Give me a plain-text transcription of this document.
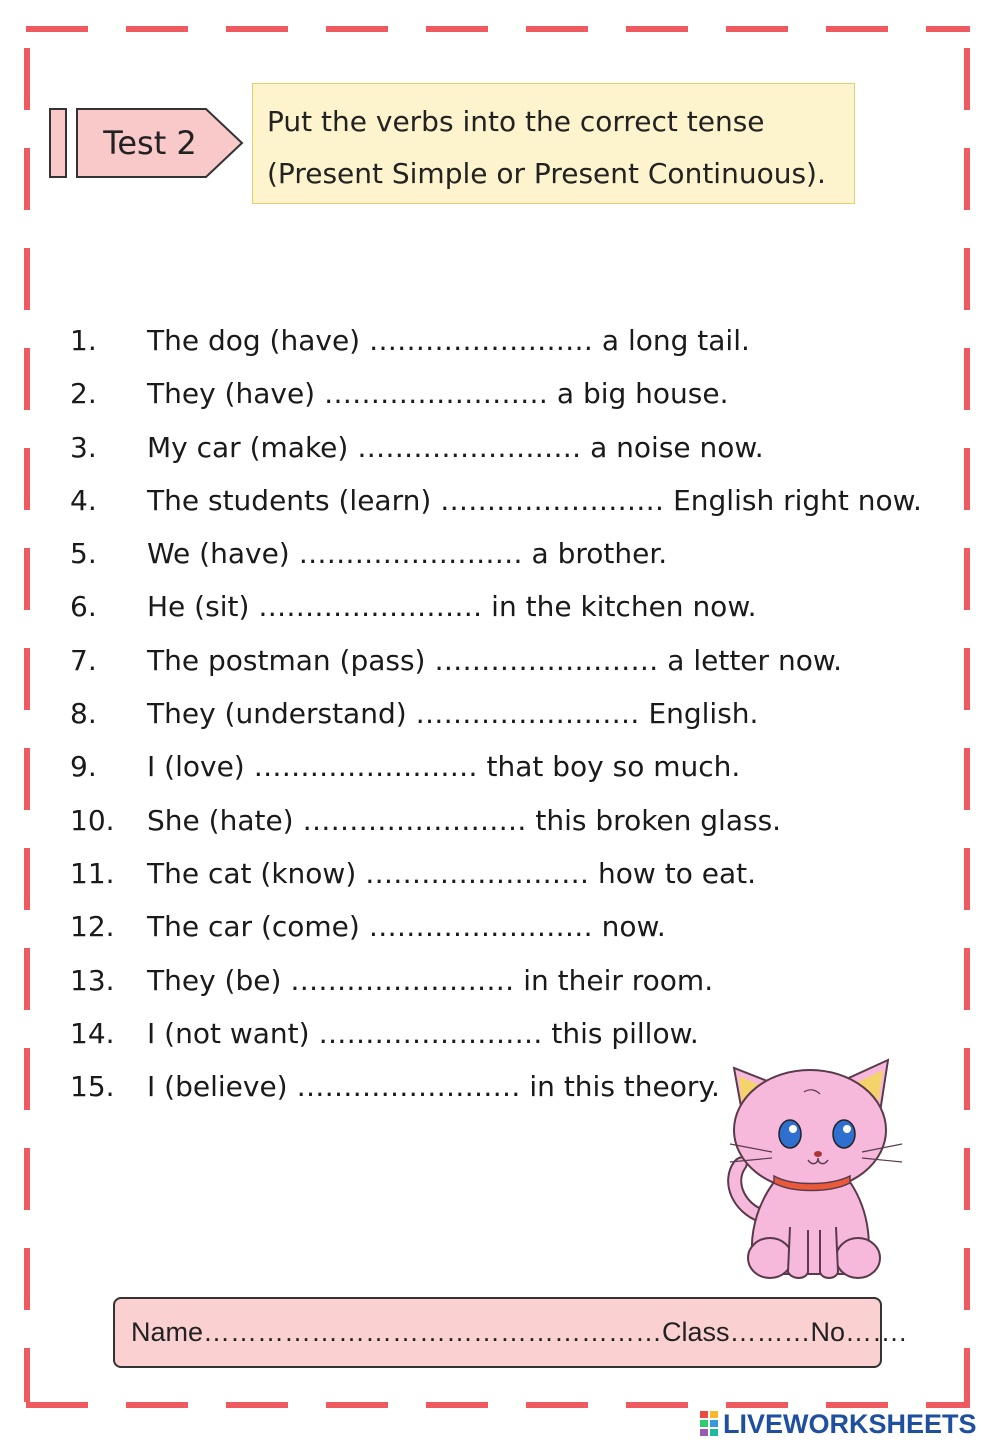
Test 2
Put the verbs into the correct tense
(Present Simple or Present Continuous).
1.	The dog (have) …………………… a long tail.
2.	They (have) …………………… a big house.
3.	My car (make) …………………… a noise now.
4.	The students (learn) …………………… English right now.
5.	We (have) …………………… a brother.
6.	He (sit) …………………… in the kitchen now.
7.	The postman (pass) …………………… a letter now.
8.	They (understand) …………………… English.
9.	I (love) …………………… that boy so much.
10.	She (hate) …………………… this broken glass.
11.	The cat (know) …………………… how to eat.
12.	The car (come) …………………… now.
13.	They (be) …………………… in their room.
14.	I (not want) …………………… this pillow.
15.	I (believe) …………………… in this theory.
Name……………………………………………Class………No…….
LIVEWORKSHEETS
